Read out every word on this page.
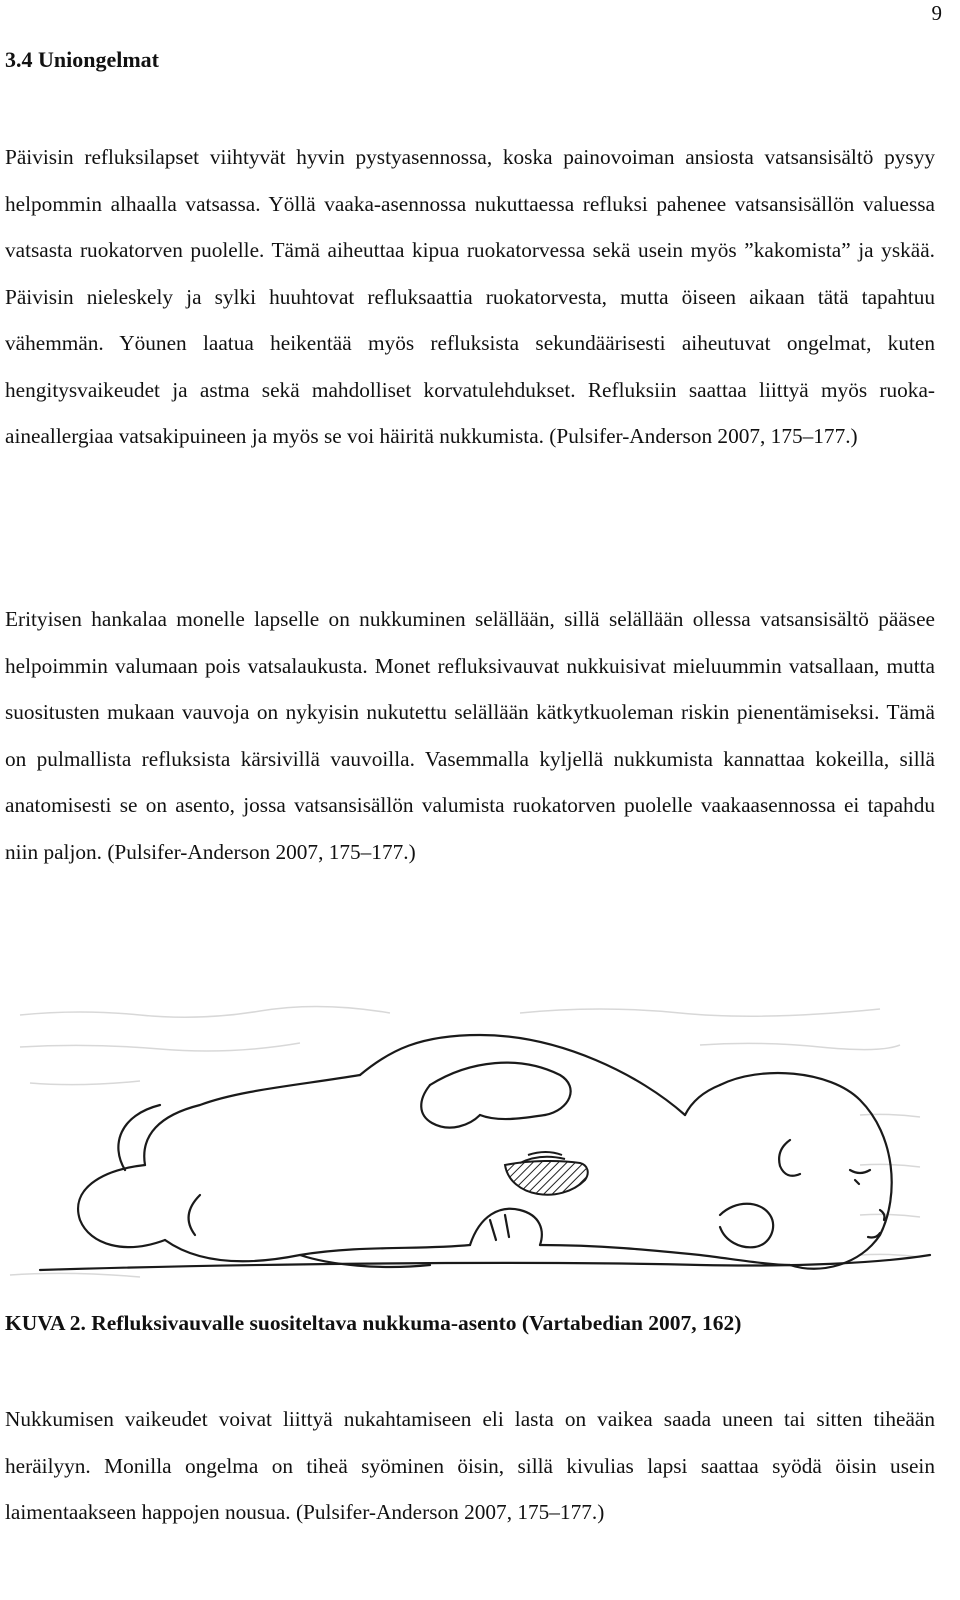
9
3.4 Uniongelmat

Päivisin refluksilapset viihtyvät hyvin pystyasennossa, koska painovoiman ansiosta vatsansisältö pysyy helpommin alhaalla vatsassa. Yöllä vaaka-asennossa nukuttaessa refluksi pahenee vatsansisällön valuessa vatsasta ruokatorven puolelle. Tämä aiheuttaa kipua ruokatorvessa sekä usein myös ”kakomista” ja yskää. Päivisin nieleskely ja sylki huuhtovat refluksaattia ruokatorvesta, mutta öiseen aikaan tätä tapahtuu vähemmän. Yöunen laatua heikentää myös refluksista sekundäärisesti aiheutuvat ongelmat, kuten hengitysvaikeudet ja astma sekä mahdolliset korvatulehdukset. Refluksiin saattaa liittyä myös ruoka-aineallergiaa vatsakipuineen ja myös se voi häiritä nukkumista. (Pulsifer-Anderson 2007, 175–177.)

Erityisen hankalaa monelle lapselle on nukkuminen selällään, sillä selällään ollessa vatsansisältö pääsee helpoimmin valumaan pois vatsalaukusta. Monet refluksivauvat nukkuisivat mieluummin vatsallaan, mutta suositusten mukaan vauvoja on nykyisin nukutettu selällään kätkytkuoleman riskin pienentämiseksi. Tämä on pulmallista refluksista kärsivillä vauvoilla. Vasemmalla kyljellä nukkumista kannattaa kokeilla, sillä anatomisesti se on asento, jossa vatsansisällön valumista ruokatorven puolelle vaakaasennossa ei tapahdu niin paljon. (Pulsifer-Anderson 2007, 175–177.)

KUVA 2. Refluksivauvalle suositeltava nukkuma-asento (Vartabedian 2007, 162)

Nukkumisen vaikeudet voivat liittyä nukahtamiseen eli lasta on vaikea saada uneen tai sitten tiheään heräilyyn. Monilla ongelma on tiheä syöminen öisin, sillä kivulias lapsi saattaa syödä öisin usein laimentaakseen happojen nousua. (Pulsifer-Anderson 2007, 175–177.)
